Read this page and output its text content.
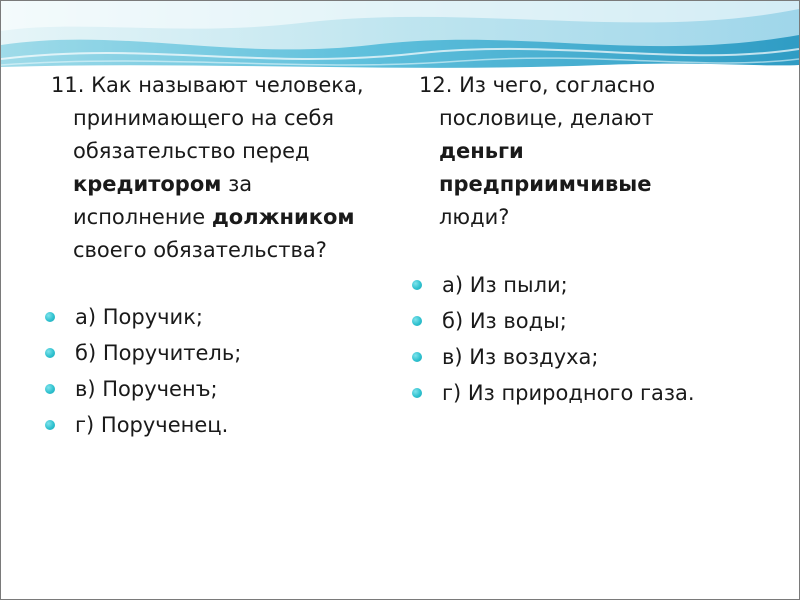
11. Как называют человека,
принимающего на себя
обязательство перед
кредитором за
исполнение должником
своего обязательства?

а) Поручик;
б) Поручитель;
в) Порученъ;
г) Порученец.

12. Из чего, согласно
пословице, делают
деньги
предприимчивые
люди?

а) Из пыли;
б) Из воды;
в) Из воздуха;
г) Из природного газа.
